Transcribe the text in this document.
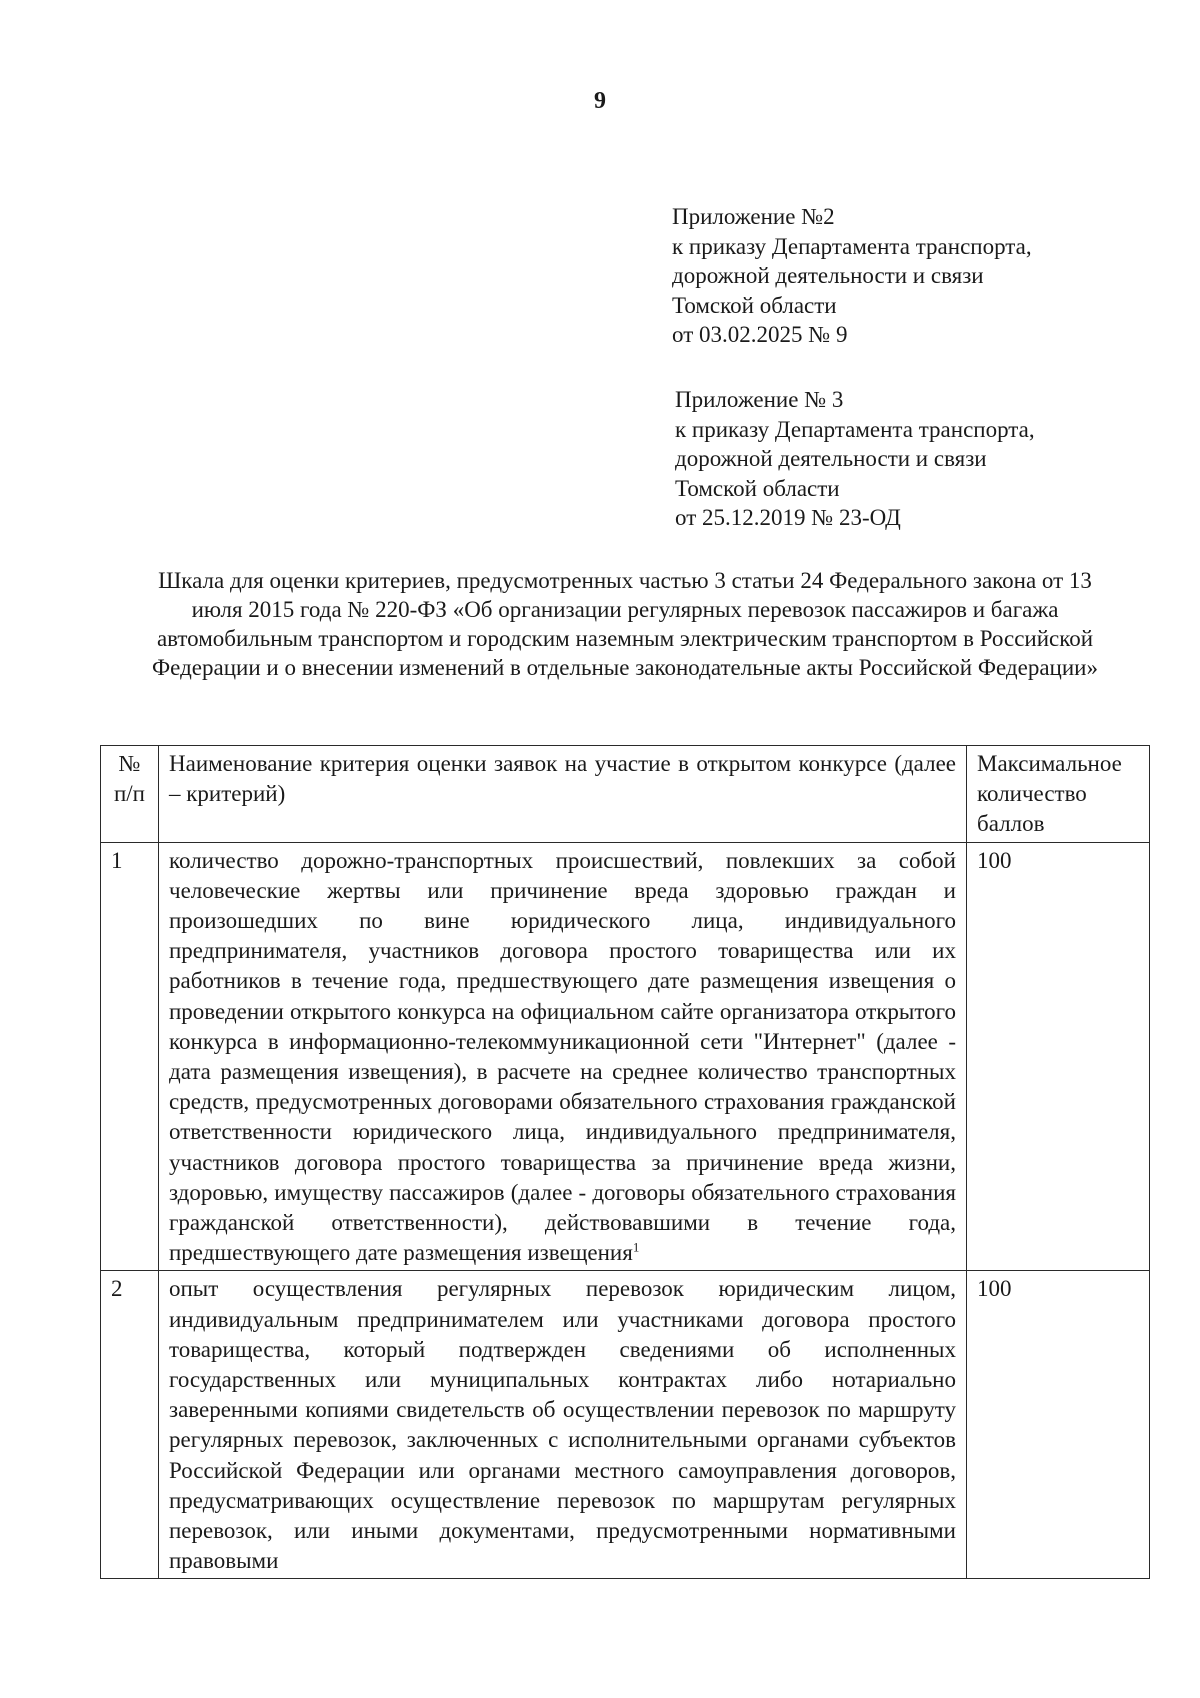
9
Приложение №2
к приказу Департамента транспорта,
дорожной деятельности и связи
Томской области
от 03.02.2025 № 9
Приложение № 3
к приказу Департамента транспорта,
дорожной деятельности и связи
Томской области
от 25.12.2019 № 23-ОД
Шкала для оценки критериев, предусмотренных частью 3 статьи 24 Федерального закона от 13 июля 2015 года № 220-ФЗ «Об организации регулярных перевозок пассажиров и багажа автомобильным транспортом и городским наземным электрическим транспортом в Российской Федерации и о внесении изменений в отдельные законодательные акты Российской Федерации»
№ п/п	Наименование критерия оценки заявок на участие в открытом конкурсе (далее – критерий)	Максимальное количество баллов
1	количество дорожно-транспортных происшествий, повлекших за собой человеческие жертвы или причинение вреда здоровью граждан и произошедших по вине юридического лица, индивидуального предпринимателя, участников договора простого товарищества или их работников в течение года, предшествующего дате размещения извещения о проведении открытого конкурса на официальном сайте организатора открытого конкурса в информационно-телекоммуникационной сети "Интернет" (далее - дата размещения извещения), в расчете на среднее количество транспортных средств, предусмотренных договорами обязательного страхования гражданской ответственности юридического лица, индивидуального предпринимателя, участников договора простого товарищества за причинение вреда жизни, здоровью, имуществу пассажиров (далее - договоры обязательного страхования гражданской ответственности), действовавшими в течение года, предшествующего дате размещения извещения$^1$	100
2	опыт осуществления регулярных перевозок юридическим лицом, индивидуальным предпринимателем или участниками договора простого товарищества, который подтвержден сведениями об исполненных государственных или муниципальных контрактах либо нотариально заверенными копиями свидетельств об осуществлении перевозок по маршруту регулярных перевозок, заключенных с исполнительными органами субъектов Российской Федерации или органами местного самоуправления договоров, предусматривающих осуществление перевозок по маршрутам регулярных перевозок, или иными документами, предусмотренными нормативными правовыми	100
